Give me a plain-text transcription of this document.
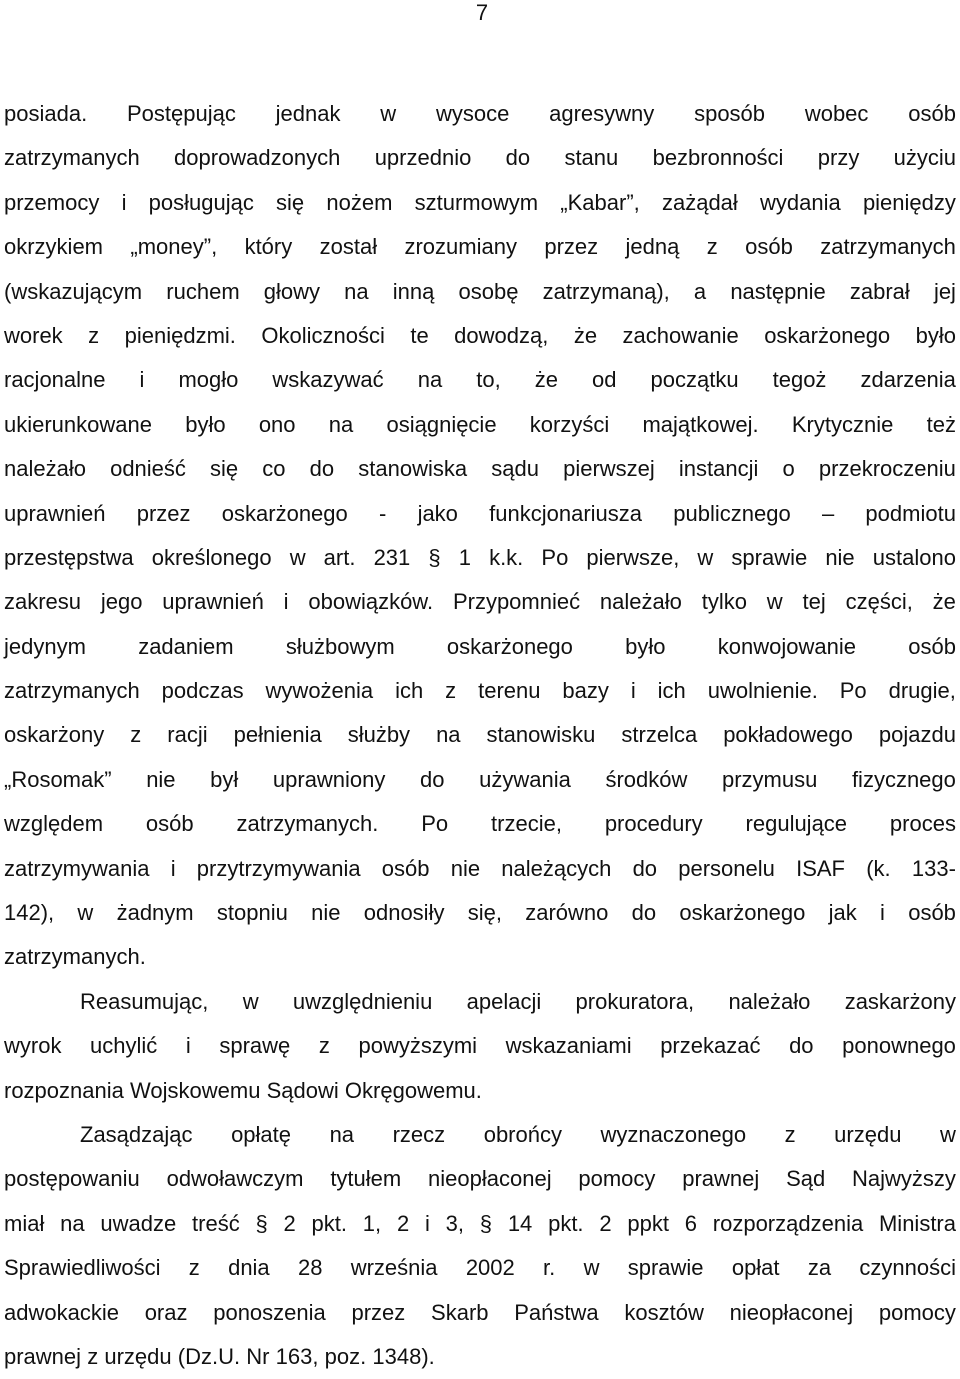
7
posiada. Postępując jednak w wysoce agresywny sposób wobec osób
zatrzymanych doprowadzonych uprzednio do stanu bezbronności przy użyciu
przemocy i posługując się nożem szturmowym „Kabar”, zażądał wydania pieniędzy
okrzykiem „money”, który został zrozumiany przez jedną z osób zatrzymanych
(wskazującym ruchem głowy na inną osobę zatrzymaną), a następnie zabrał jej
worek z pieniędzmi. Okoliczności te dowodzą, że zachowanie oskarżonego było
racjonalne i mogło wskazywać na to, że od początku tegoż zdarzenia
ukierunkowane było ono na osiągnięcie korzyści majątkowej. Krytycznie też
należało odnieść się co do stanowiska sądu pierwszej instancji o przekroczeniu
uprawnień przez oskarżonego - jako funkcjonariusza publicznego – podmiotu
przestępstwa określonego w art. 231 § 1 k.k. Po pierwsze, w sprawie nie ustalono
zakresu jego uprawnień i obowiązków. Przypomnieć należało tylko w tej części, że
jedynym zadaniem służbowym oskarżonego było konwojowanie osób
zatrzymanych podczas wywożenia ich z terenu bazy i ich uwolnienie. Po drugie,
oskarżony z racji pełnienia służby na stanowisku strzelca pokładowego pojazdu
„Rosomak” nie był uprawniony do używania środków przymusu fizycznego
względem osób zatrzymanych. Po trzecie, procedury regulujące proces
zatrzymywania i przytrzymywania osób nie należących do personelu ISAF (k. 133-
142), w żadnym stopniu nie odnosiły się, zarówno do oskarżonego jak i osób
zatrzymanych.
Reasumując, w uwzględnieniu apelacji prokuratora, należało zaskarżony
wyrok uchylić i sprawę z powyższymi wskazaniami przekazać do ponownego
rozpoznania Wojskowemu Sądowi Okręgowemu.
Zasądzając opłatę na rzecz obrońcy wyznaczonego z urzędu w
postępowaniu odwoławczym tytułem nieopłaconej pomocy prawnej Sąd Najwyższy
miał na uwadze treść § 2 pkt. 1, 2 i 3, § 14 pkt. 2 ppkt 6 rozporządzenia Ministra
Sprawiedliwości z dnia 28 września 2002 r. w sprawie opłat za czynności
adwokackie oraz ponoszenia przez Skarb Państwa kosztów nieopłaconej pomocy
prawnej z urzędu (Dz.U. Nr 163, poz. 1348).
